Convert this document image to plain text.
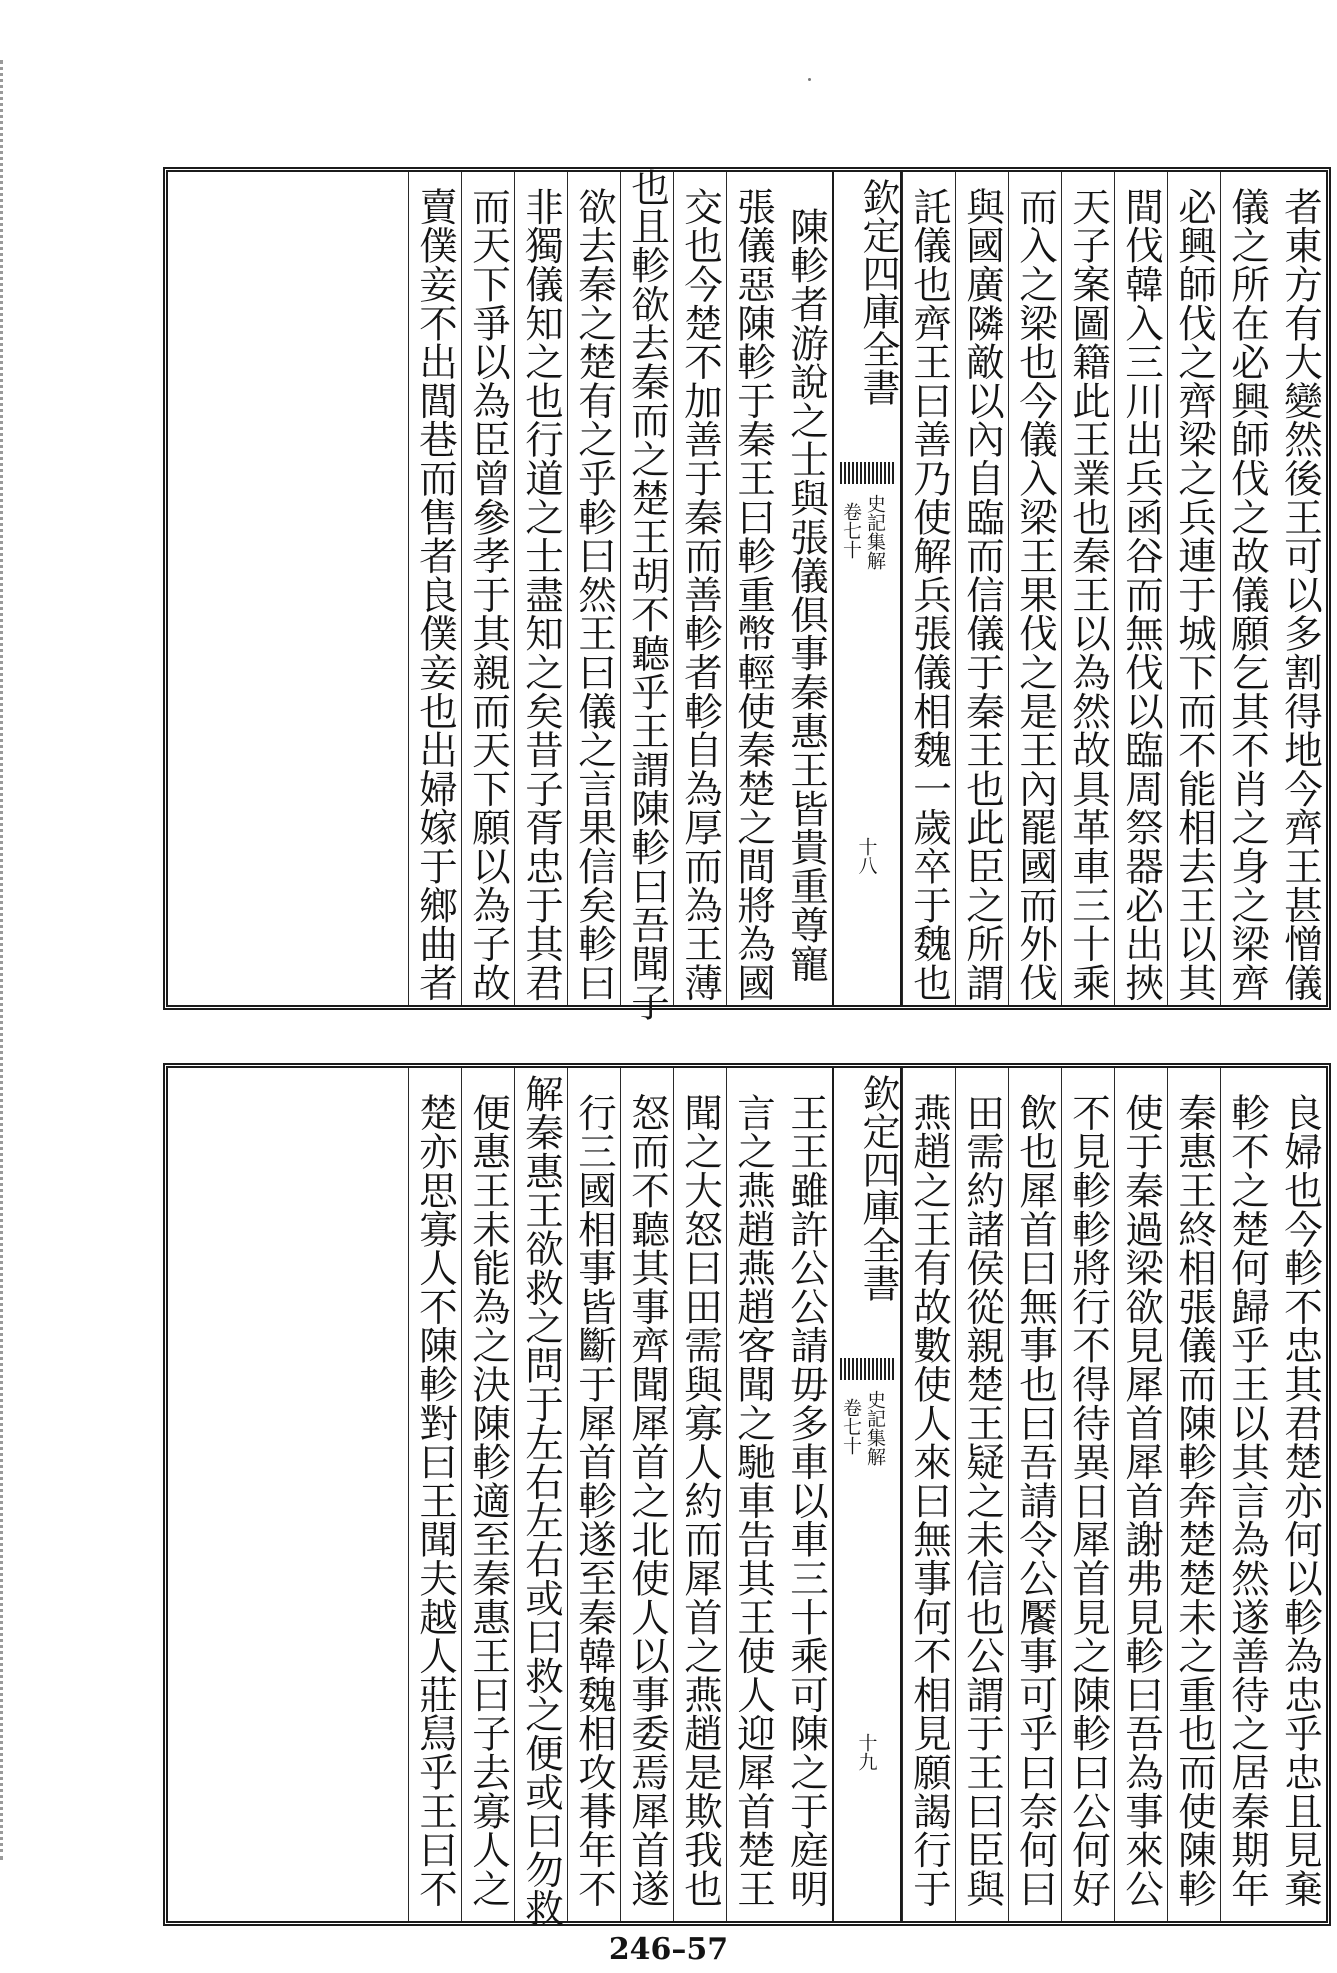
者東方有大變然後王可以多割得地今齊王甚憎儀
儀之所在必興師伐之故儀願乞其不肖之身之梁齊
必興師伐之齊梁之兵連于城下而不能相去王以其
間伐韓入三川出兵函谷而無伐以臨周祭器必出挾
天子案圖籍此王業也秦王以為然故具革車三十乘
而入之梁也今儀入梁王果伐之是王內罷國而外伐
與國廣隣敵以內自臨而信儀于秦王也此臣之所謂
託儀也齊王曰善乃使解兵張儀相魏一歲卒于魏也
欽定四庫全書
史記集解
卷七十
十八
陳軫者游說之士與張儀俱事秦惠王皆貴重尊寵
張儀惡陳軫于秦王曰軫重幣輕使秦楚之間將為國
交也今楚不加善于秦而善軫者軫自為厚而為王薄
也且軫欲去秦而之楚王胡不聽乎王謂陳軫曰吾聞子
欲去秦之楚有之乎軫曰然王曰儀之言果信矣軫曰
非獨儀知之也行道之士盡知之矣昔子胥忠于其君
而天下爭以為臣曾參孝于其親而天下願以為子故
賣僕妾不出閭巷而售者良僕妾也出婦嫁于鄉曲者
良婦也今軫不忠其君楚亦何以軫為忠乎忠且見棄
軫不之楚何歸乎王以其言為然遂善待之居秦期年
秦惠王終相張儀而陳軫奔楚楚未之重也而使陳軫
使于秦過梁欲見犀首犀首謝弗見軫曰吾為事來公
不見軫軫將行不得待異日犀首見之陳軫曰公何好
飲也犀首曰無事也曰吾請令公饜事可乎曰奈何曰
田需約諸侯從親楚王疑之未信也公謂于王曰臣與
燕趙之王有故數使人來曰無事何不相見願謁行于
欽定四庫全書
史記集解
卷七十
十九
王王雖許公公請毋多車以車三十乘可陳之于庭明
言之燕趙燕趙客聞之馳車告其王使人迎犀首楚王
聞之大怒曰田需與寡人約而犀首之燕趙是欺我也
怒而不聽其事齊聞犀首之北使人以事委焉犀首遂
行三國相事皆斷于犀首軫遂至秦韓魏相攻朞年不
解秦惠王欲救之問于左右左右或曰救之便或曰勿救
便惠王未能為之決陳軫適至秦惠王曰子去寡人之
楚亦思寡人不陳軫對曰王聞夫越人莊舃乎王曰不
246–57
